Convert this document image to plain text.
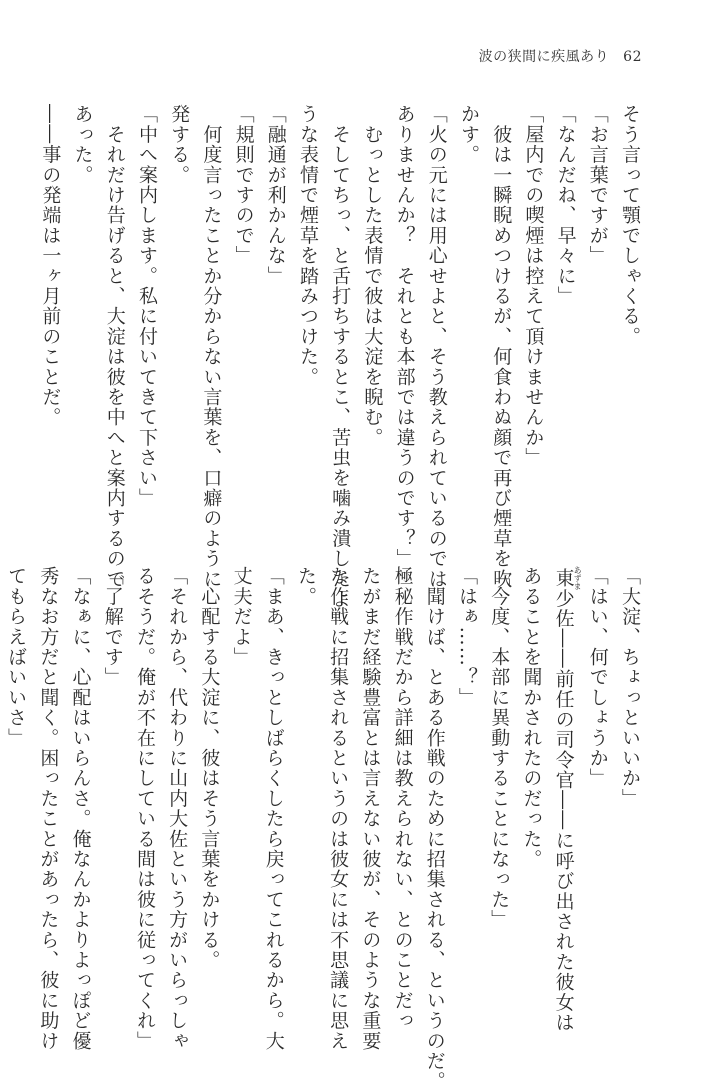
波の狭間に疾風あり 62
そう言って顎でしゃくる。
「お言葉ですが」
「なんだね、早々に」
「屋内での喫煙は控えて頂けませんか」
　彼は一瞬睨めつけるが、何食わぬ顔で再び煙草を吹
かす。
「火の元には用心せよと、そう教えられているのでは
ありませんか？　それとも本部では違うのです？」
　むっとした表情で彼は大淀を睨む。
　そしてちっ、と舌打ちするとこ、苦虫を噛み潰したよ
うな表情で煙草を踏みつけた。
「融通が利かんな」
「規則ですので」
　何度言ったことか分からない言葉を、口癖のように
発する。
「中へ案内します。私に付いてきて下さい」
　それだけ告げると、大淀は彼を中へと案内するので
あった。
――事の発端は一ヶ月前のことだ。
「大淀、ちょっといいか」
「はい、何でしょうか」
東あずま少佐――前任の司令官――に呼び出された彼女は
あることを聞かされたのだった。
「今度、本部に異動することになった」
「はぁ……？」
　聞けば、とある作戦のために招集される、というのだ。
極秘作戦だから詳細は教えられない、とのことだっ
たがまだ経験豊富とは言えない彼が、そのような重要
な作戦に招集されるというのは彼女には不思議に思え
た。
「まあ、きっとしばらくしたら戻ってこれるから。大
丈夫だよ」
　心配する大淀に、彼はそう言葉をかける。
「それから、代わりに山内大佐という方がいらっしゃ
るそうだ。俺が不在にしている間は彼に従ってくれ」
「了解です」
「なぁに、心配はいらんさ。俺なんかよりよっぽど優
秀なお方だと聞く。困ったことがあったら、彼に助け
てもらえばいいさ」
